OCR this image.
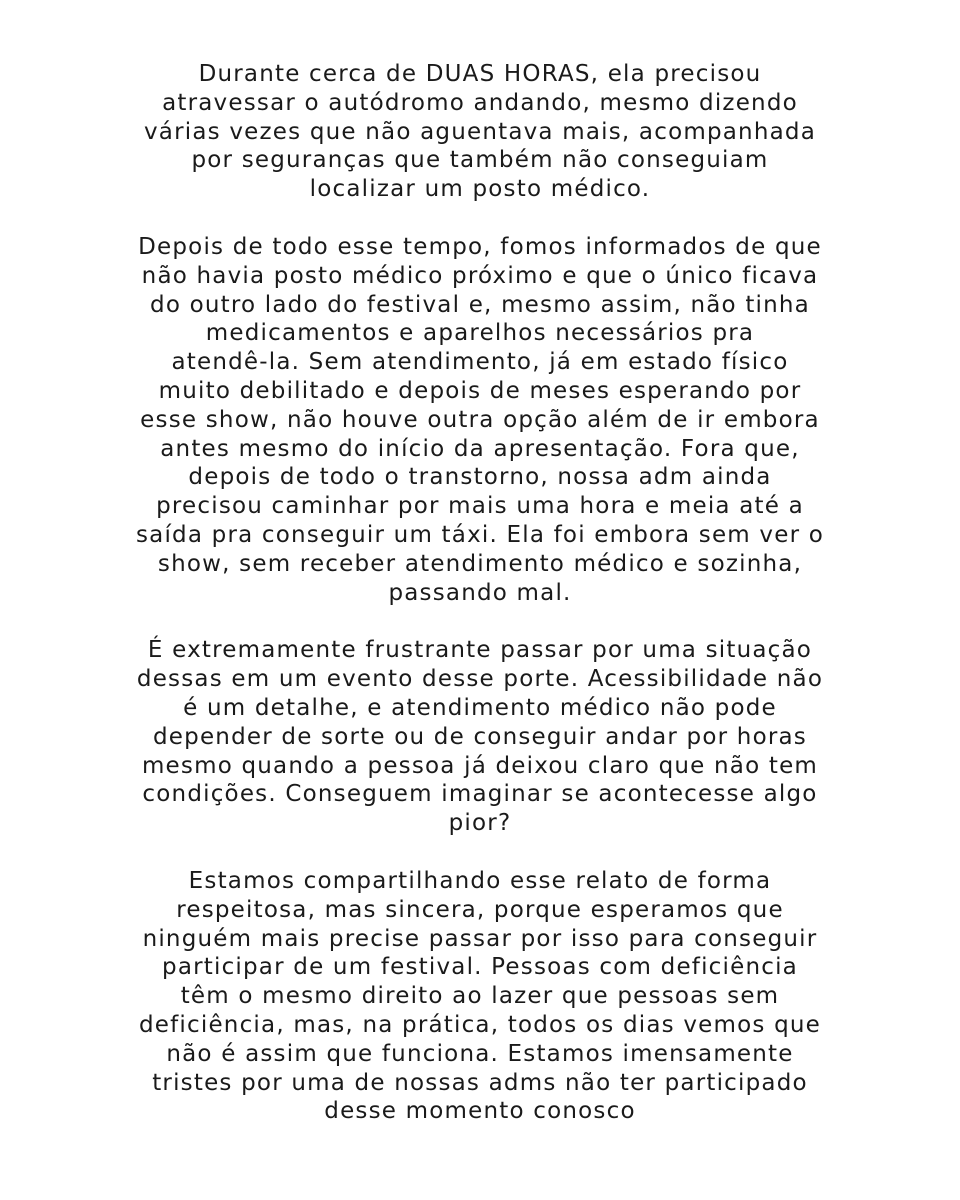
Durante cerca de DUAS HORAS, ela precisou
atravessar o autódromo andando, mesmo dizendo
várias vezes que não aguentava mais, acompanhada
por seguranças que também não conseguiam
localizar um posto médico.

Depois de todo esse tempo, fomos informados de que
não havia posto médico próximo e que o único ficava
do outro lado do festival e, mesmo assim, não tinha
medicamentos e aparelhos necessários pra
atendê-la. Sem atendimento, já em estado físico
muito debilitado e depois de meses esperando por
esse show, não houve outra opção além de ir embora
antes mesmo do início da apresentação. Fora que,
depois de todo o transtorno, nossa adm ainda
precisou caminhar por mais uma hora e meia até a
saída pra conseguir um táxi. Ela foi embora sem ver o
show, sem receber atendimento médico e sozinha,
passando mal.

É extremamente frustrante passar por uma situação
dessas em um evento desse porte. Acessibilidade não
é um detalhe, e atendimento médico não pode
depender de sorte ou de conseguir andar por horas
mesmo quando a pessoa já deixou claro que não tem
condições. Conseguem imaginar se acontecesse algo
pior?

Estamos compartilhando esse relato de forma
respeitosa, mas sincera, porque esperamos que
ninguém mais precise passar por isso para conseguir
participar de um festival. Pessoas com deficiência
têm o mesmo direito ao lazer que pessoas sem
deficiência, mas, na prática, todos os dias vemos que
não é assim que funciona. Estamos imensamente
tristes por uma de nossas adms não ter participado
desse momento conosco
